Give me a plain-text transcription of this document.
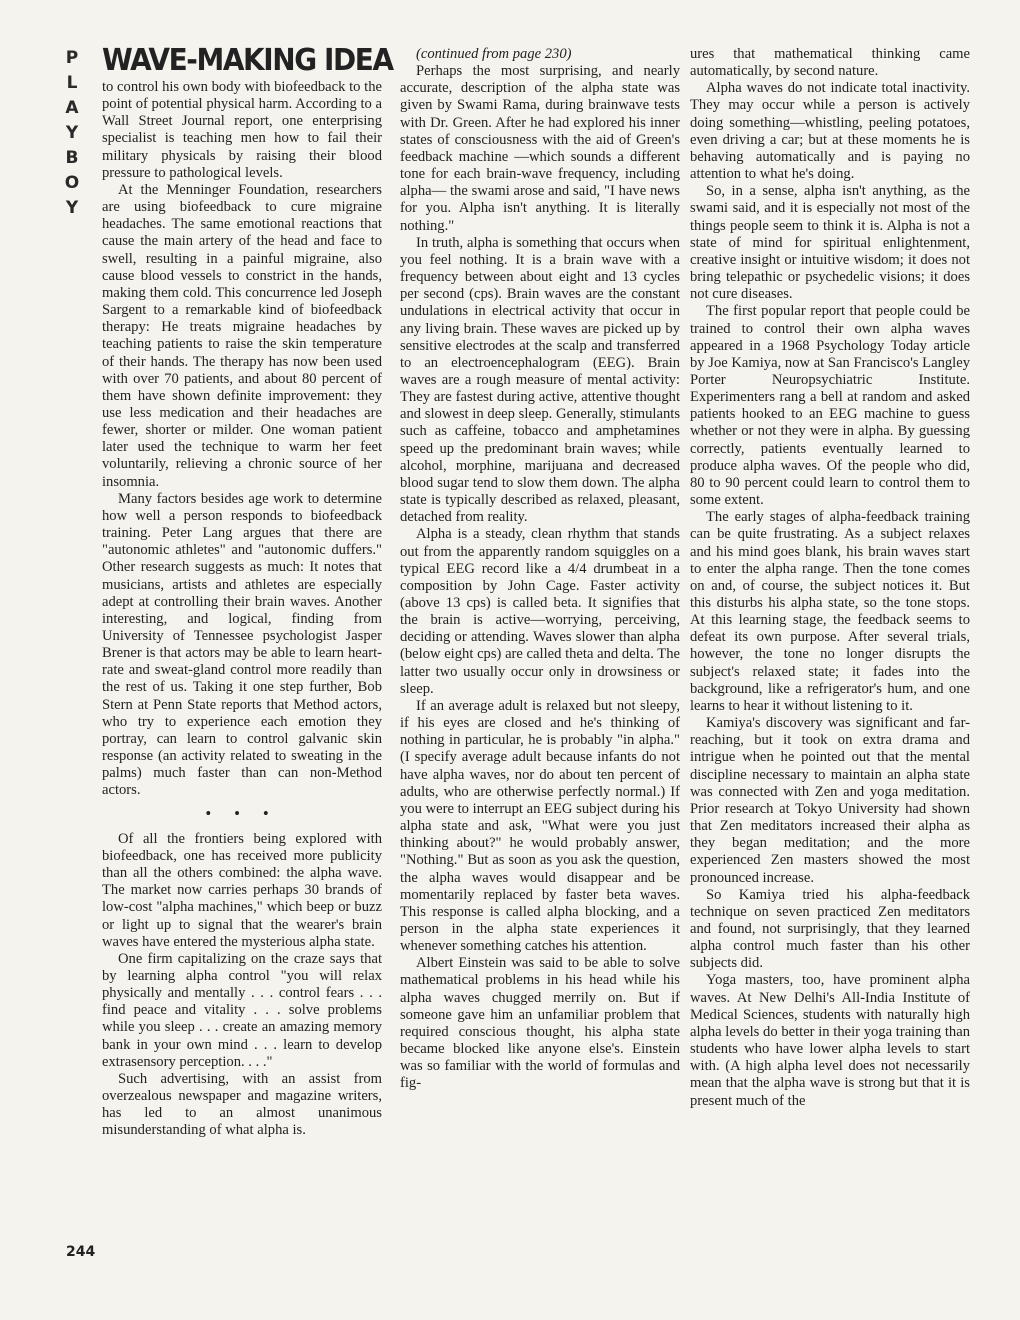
P
L
A
Y
B
O
Y
244
WAVE-MAKING IDEA

to control his own body with biofeedback to the point of potential physical harm. According to a Wall Street Journal report, one enterprising specialist is teaching men how to fail their military physicals by raising their blood pressure to pathological levels.

At the Menninger Foundation, researchers are using biofeedback to cure migraine headaches. The same emotional reactions that cause the main artery of the head and face to swell, resulting in a painful migraine, also cause blood vessels to constrict in the hands, making them cold. This concurrence led Joseph Sargent to a remarkable kind of biofeedback therapy: He treats migraine headaches by teaching patients to raise the skin temperature of their hands. The therapy has now been used with over 70 patients, and about 80 percent of them have shown definite improvement: they use less medication and their headaches are fewer, shorter or milder. One woman patient later used the technique to warm her feet voluntarily, relieving a chronic source of her insomnia.

Many factors besides age work to determine how well a person responds to biofeedback training. Peter Lang argues that there are "autonomic athletes" and "autonomic duffers." Other research suggests as much: It notes that musicians, artists and athletes are especially adept at controlling their brain waves. Another interesting, and logical, finding from University of Tennessee psychologist Jasper Brener is that actors may be able to learn heart-rate and sweat-gland control more readily than the rest of us. Taking it one step further, Bob Stern at Penn State reports that Method actors, who try to experience each emotion they portray, can learn to control galvanic skin response (an activity related to sweating in the palms) much faster than can non-Method actors.

• • •

Of all the frontiers being explored with biofeedback, one has received more publicity than all the others combined: the alpha wave. The market now carries perhaps 30 brands of low-cost "alpha machines," which beep or buzz or light up to signal that the wearer's brain waves have entered the mysterious alpha state.

One firm capitalizing on the craze says that by learning alpha control "you will relax physically and mentally . . . control fears . . . find peace and vitality . . . solve problems while you sleep . . . create an amazing memory bank in your own mind . . . learn to develop extrasensory perception. . . ."

Such advertising, with an assist from overzealous newspaper and magazine writers, has led to an almost unanimous misunderstanding of what alpha is.

(continued from page 230)

Perhaps the most surprising, and nearly accurate, description of the alpha state was given by Swami Rama, during brainwave tests with Dr. Green. After he had explored his inner states of consciousness with the aid of Green's feedback machine —which sounds a different tone for each brain-wave frequency, including alpha— the swami arose and said, "I have news for you. Alpha isn't anything. It is literally nothing."

In truth, alpha is something that occurs when you feel nothing. It is a brain wave with a frequency between about eight and 13 cycles per second (cps). Brain waves are the constant undulations in electrical activity that occur in any living brain. These waves are picked up by sensitive electrodes at the scalp and transferred to an electroencephalogram (EEG). Brain waves are a rough measure of mental activity: They are fastest during active, attentive thought and slowest in deep sleep. Generally, stimulants such as caffeine, tobacco and amphetamines speed up the predominant brain waves; while alcohol, morphine, marijuana and decreased blood sugar tend to slow them down. The alpha state is typically described as relaxed, pleasant, detached from reality.

Alpha is a steady, clean rhythm that stands out from the apparently random squiggles on a typical EEG record like a 4/4 drumbeat in a composition by John Cage. Faster activity (above 13 cps) is called beta. It signifies that the brain is active—worrying, perceiving, deciding or attending. Waves slower than alpha (below eight cps) are called theta and delta. The latter two usually occur only in drowsiness or sleep.

If an average adult is relaxed but not sleepy, if his eyes are closed and he's thinking of nothing in particular, he is probably "in alpha." (I specify average adult because infants do not have alpha waves, nor do about ten percent of adults, who are otherwise perfectly normal.) If you were to interrupt an EEG subject during his alpha state and ask, "What were you just thinking about?" he would probably answer, "Nothing." But as soon as you ask the question, the alpha waves would disappear and be momentarily replaced by faster beta waves. This response is called alpha blocking, and a person in the alpha state experiences it whenever something catches his attention.

Albert Einstein was said to be able to solve mathematical problems in his head while his alpha waves chugged merrily on. But if someone gave him an unfamiliar problem that required conscious thought, his alpha state became blocked like anyone else's. Einstein was so familiar with the world of formulas and fig-

ures that mathematical thinking came automatically, by second nature.

Alpha waves do not indicate total inactivity. They may occur while a person is actively doing something—whistling, peeling potatoes, even driving a car; but at these moments he is behaving automatically and is paying no attention to what he's doing.

So, in a sense, alpha isn't anything, as the swami said, and it is especially not most of the things people seem to think it is. Alpha is not a state of mind for spiritual enlightenment, creative insight or intuitive wisdom; it does not bring telepathic or psychedelic visions; it does not cure diseases.

The first popular report that people could be trained to control their own alpha waves appeared in a 1968 Psychology Today article by Joe Kamiya, now at San Francisco's Langley Porter Neuropsychiatric Institute. Experimenters rang a bell at random and asked patients hooked to an EEG machine to guess whether or not they were in alpha. By guessing correctly, patients eventually learned to produce alpha waves. Of the people who did, 80 to 90 percent could learn to control them to some extent.

The early stages of alpha-feedback training can be quite frustrating. As a subject relaxes and his mind goes blank, his brain waves start to enter the alpha range. Then the tone comes on and, of course, the subject notices it. But this disturbs his alpha state, so the tone stops. At this learning stage, the feedback seems to defeat its own purpose. After several trials, however, the tone no longer disrupts the subject's relaxed state; it fades into the background, like a refrigerator's hum, and one learns to hear it without listening to it.

Kamiya's discovery was significant and far-reaching, but it took on extra drama and intrigue when he pointed out that the mental discipline necessary to maintain an alpha state was connected with Zen and yoga meditation. Prior research at Tokyo University had shown that Zen meditators increased their alpha as they began meditation; and the more experienced Zen masters showed the most pronounced increase.

So Kamiya tried his alpha-feedback technique on seven practiced Zen meditators and found, not surprisingly, that they learned alpha control much faster than his other subjects did.

Yoga masters, too, have prominent alpha waves. At New Delhi's All-India Institute of Medical Sciences, students with naturally high alpha levels do better in their yoga training than students who have lower alpha levels to start with. (A high alpha level does not necessarily mean that the alpha wave is strong but that it is present much of the
